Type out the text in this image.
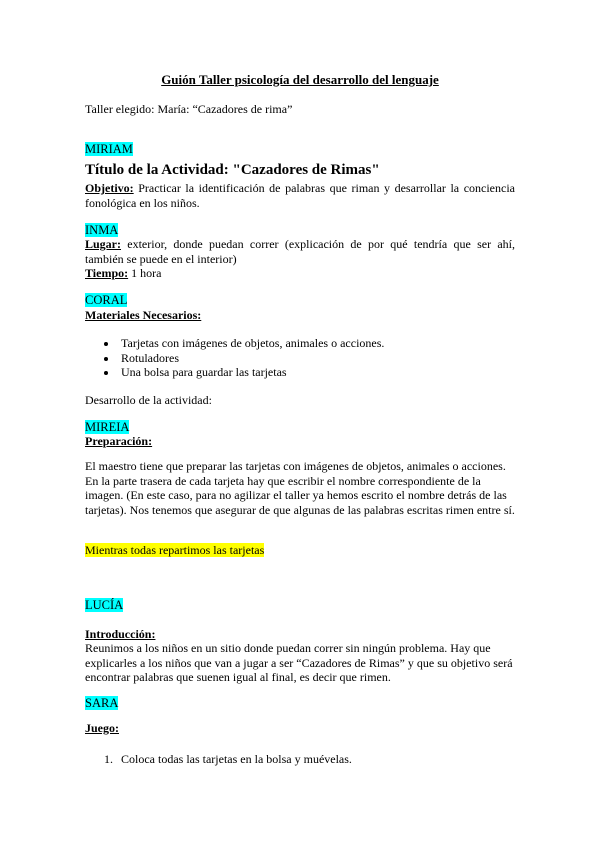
Guión Taller psicología del desarrollo del lenguaje
Taller elegido: María: “Cazadores de rima”
MIRIAM
Título de la Actividad: "Cazadores de Rimas"
Objetivo: Practicar la identificación de palabras que riman y desarrollar la conciencia fonológica en los niños.
INMA
Lugar: exterior, donde puedan correr (explicación de por qué tendría que ser ahí, también se puede en el interior)
Tiempo: 1 hora
CORAL
Materiales Necesarios:
Tarjetas con imágenes de objetos, animales o acciones.
Rotuladores
Una bolsa para guardar las tarjetas
Desarrollo de la actividad:
MIREIA
Preparación:
El maestro tiene que preparar las tarjetas con imágenes de objetos, animales o acciones. En la parte trasera de cada tarjeta hay que escribir el nombre correspondiente de la imagen. (En este caso, para no agilizar el taller ya hemos escrito el nombre detrás de las tarjetas). Nos tenemos que asegurar de que algunas de las palabras escritas rimen entre sí.
Mientras todas repartimos las tarjetas
LUCÍA
Introducción:
Reunimos a los niños en un sitio donde puedan correr sin ningún problema. Hay que explicarles a los niños que van a jugar a ser “Cazadores de Rimas” y que su objetivo será encontrar palabras que suenen igual al final, es decir que rimen.
SARA
Juego:
1. Coloca todas las tarjetas en la bolsa y muévelas.
